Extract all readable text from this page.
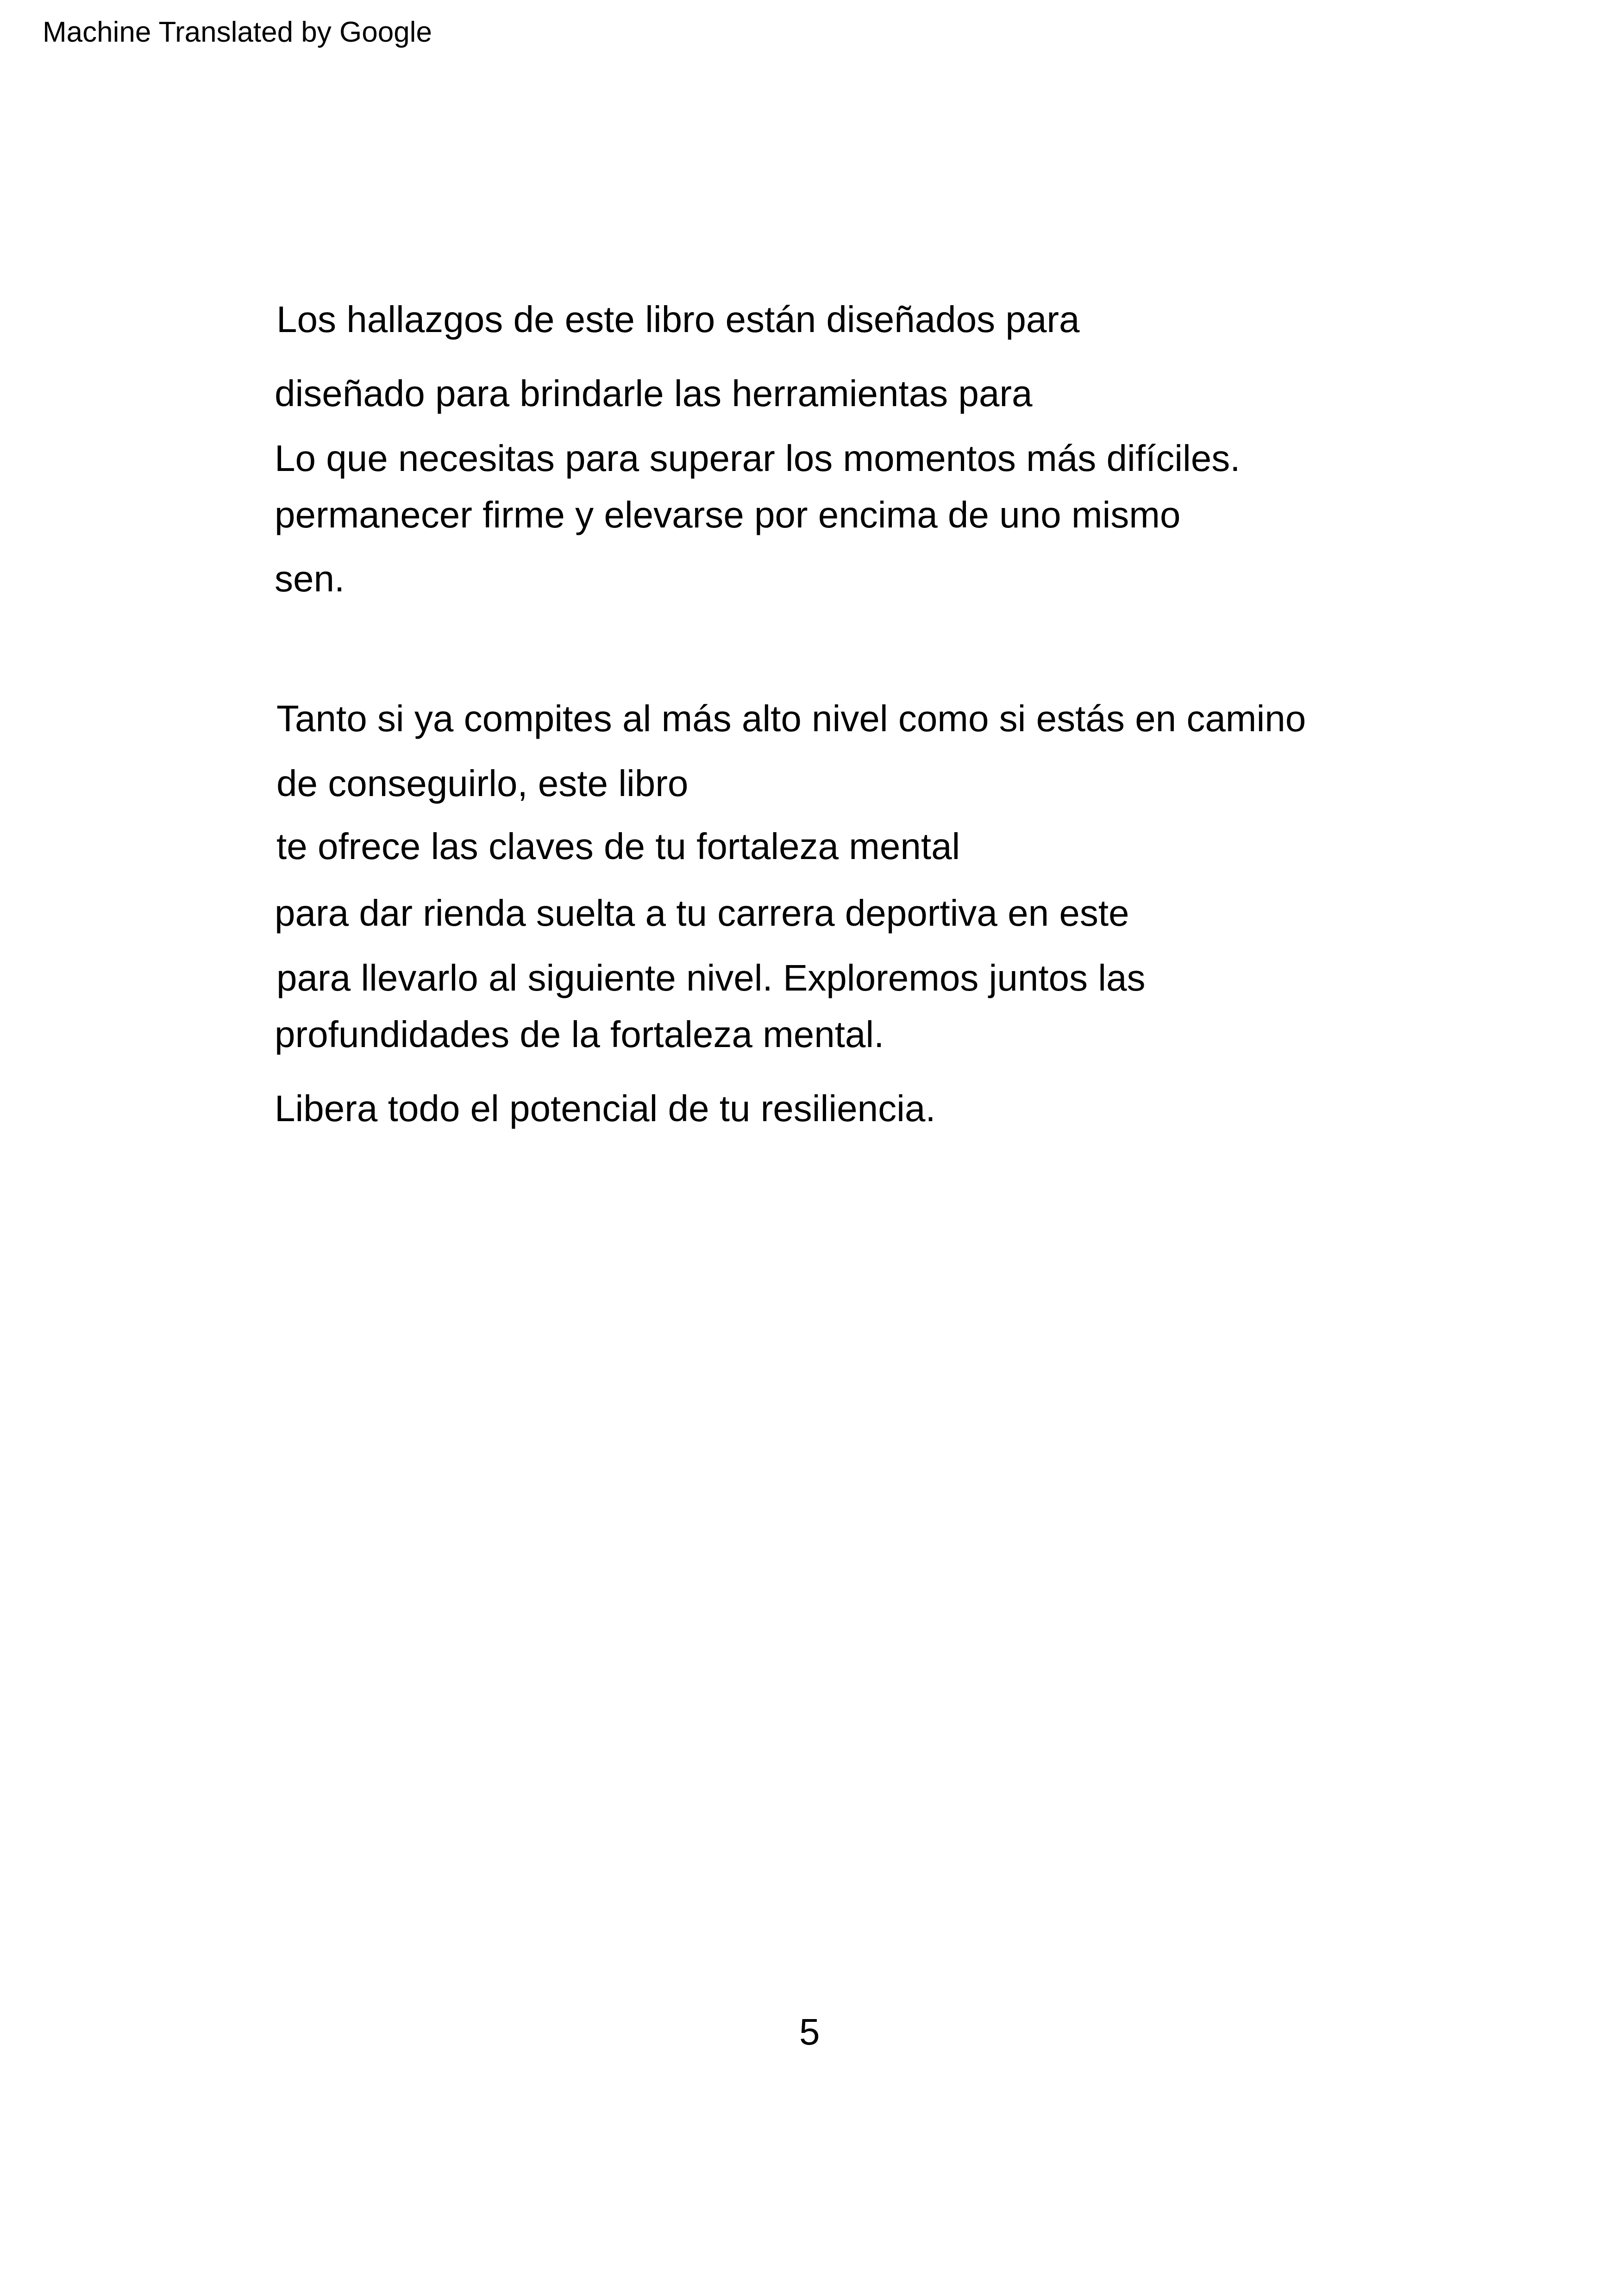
Machine Translated by Google
Los hallazgos de este libro están diseñados para
diseñado para brindarle las herramientas para
Lo que necesitas para superar los momentos más difíciles.
permanecer firme y elevarse por encima de uno mismo
sen.
Tanto si ya compites al más alto nivel como si estás en camino
de conseguirlo, este libro
te ofrece las claves de tu fortaleza mental
para dar rienda suelta a tu carrera deportiva en este
para llevarlo al siguiente nivel. Exploremos juntos las
profundidades de la fortaleza mental.
Libera todo el potencial de tu resiliencia.
5
